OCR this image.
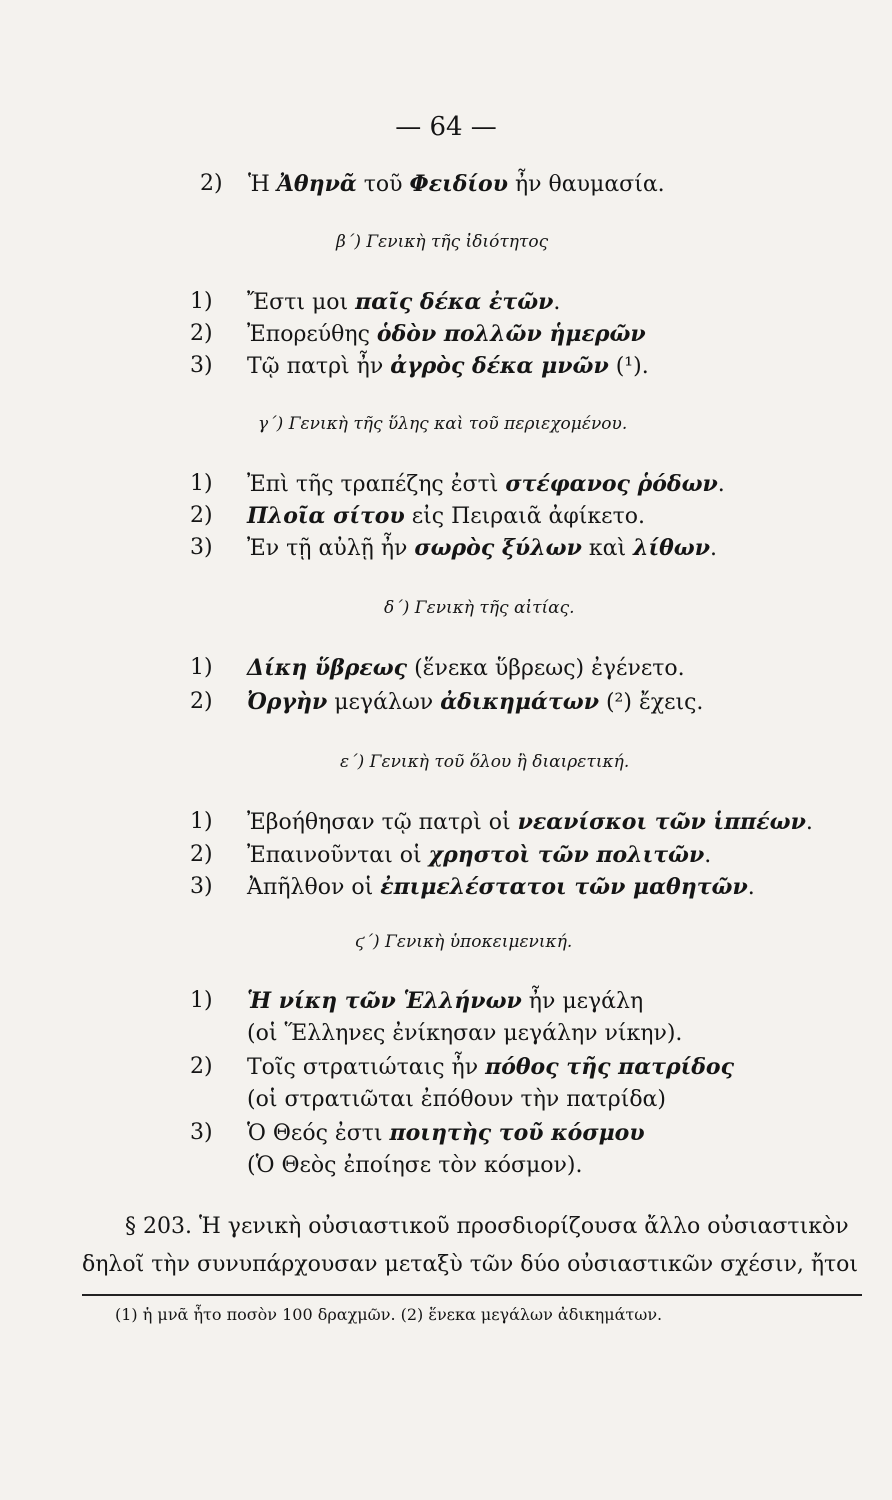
— 64 —
2)	Ἡ Ἀθηνᾶ τοῦ Φειδίου ἦν θαυμασία.
β΄) Γενικὴ τῆς ἰδιότητος
1)	Ἔστι μοι παῖς δέκα ἐτῶν.
2)	Ἐπορεύθης ὁδὸν πολλῶν ἡμερῶν
3)	Τῷ πατρὶ ἦν ἀγρὸς δέκα μνῶν (¹).
γ΄) Γενικὴ τῆς ὕλης καὶ τοῦ περιεχομένου.
1)	Ἐπὶ τῆς τραπέζης ἐστὶ στέφανος ῥόδων.
2)	Πλοῖα σίτου εἰς Πειραιᾶ ἀφίκετο.
3)	Ἐν τῇ αὐλῇ ἦν σωρὸς ξύλων καὶ λίθων.
δ΄) Γενικὴ τῆς αἰτίας.
1)	Δίκη ὕβρεως (ἕνεκα ὕβρεως) ἐγένετο.
2)	Ὀργὴν μεγάλων ἀδικημάτων (²) ἔχεις.
ε΄) Γενικὴ τοῦ ὅλου ἢ διαιρετική.
1)	Ἐβοήθησαν τῷ πατρὶ οἱ νεανίσκοι τῶν ἱππέων.
2)	Ἐπαινοῦνται οἱ χρηστοὶ τῶν πολιτῶν.
3)	Ἀπῆλθον οἱ ἐπιμελέστατοι τῶν μαθητῶν.
ϛ΄) Γενικὴ ὑποκειμενική.
1)	Ἡ νίκη τῶν Ἑλλήνων ἦν μεγάλη
(οἱ Ἕλληνες ἐνίκησαν μεγάλην νίκην).
2)	Τοῖς στρατιώταις ἦν πόθος τῆς πατρίδος
(οἱ στρατιῶται ἐπόθουν τὴν πατρίδα)
3)	Ὁ Θεός ἐστι ποιητὴς τοῦ κόσμου
(Ὁ Θεὸς ἐποίησε τὸν κόσμον).
§ 203. Ἡ γενικὴ οὐσιαστικοῦ προσδιορίζουσα ἄλλο οὐσιαστικὸν
δηλοῖ τὴν συνυπάρχουσαν μεταξὺ τῶν δύο οὐσιαστικῶν σχέσιν, ἤτοι
(1) ἡ μνᾶ ἦτο ποσὸν 100 δραχμῶν. (2) ἕνεκα μεγάλων ἀδικημάτων.
